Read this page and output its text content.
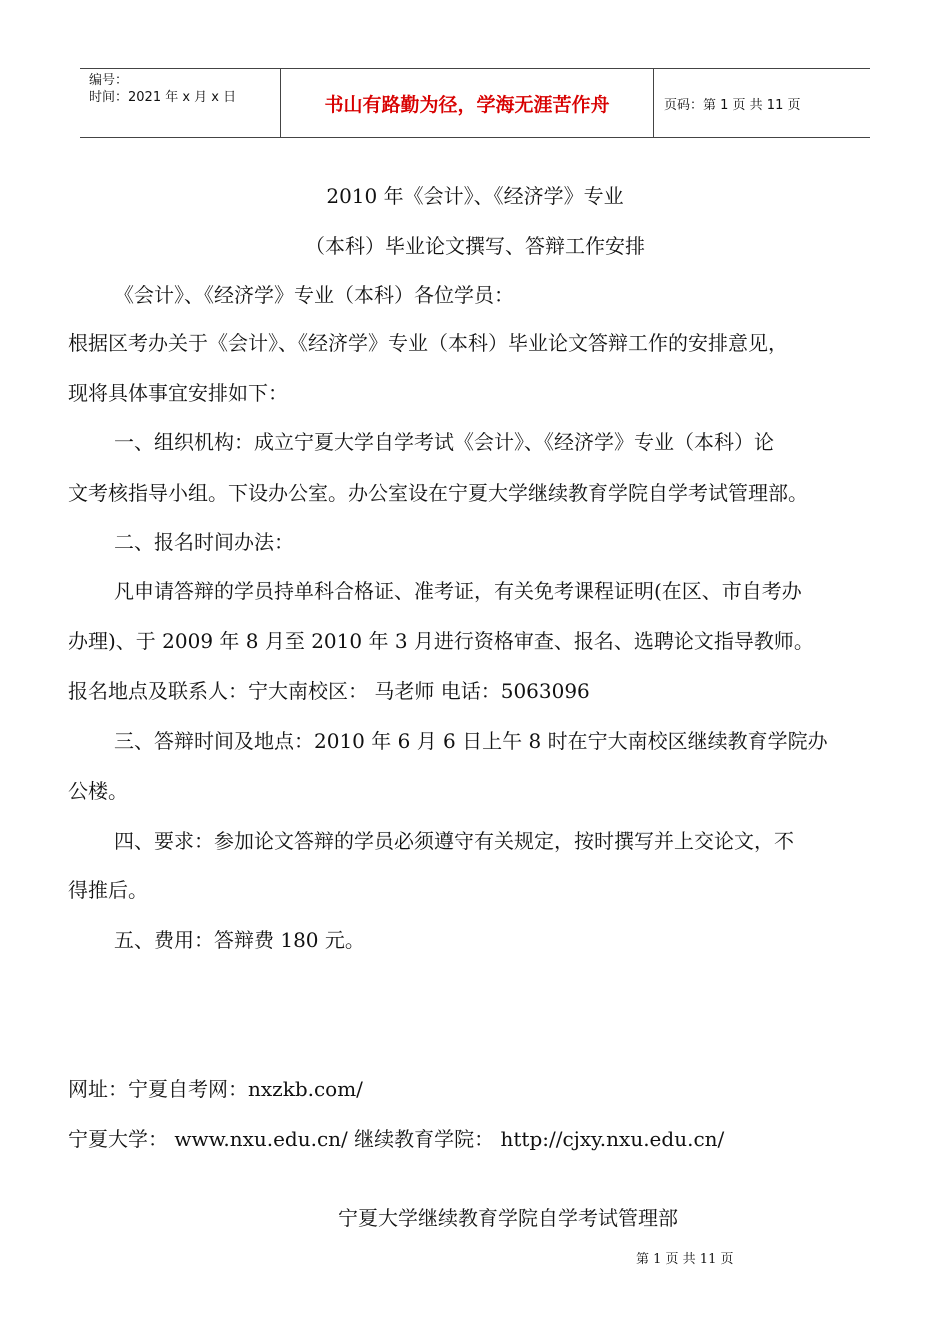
编号：
时间：2021 年 x 月 x 日	书山有路勤为径，学海无涯苦作舟	页码：第 1 页 共 11 页
2010 年《会计》、《经济学》专业
（本科）毕业论文撰写、答辩工作安排
《会计》、《经济学》专业（本科）各位学员：
根据区考办关于《会计》、《经济学》专业（本科）毕业论文答辩工作的安排意见，
现将具体事宜安排如下：
一、组织机构：成立宁夏大学自学考试《会计》、《经济学》专业（本科）论
文考核指导小组。下设办公室。办公室设在宁夏大学继续教育学院自学考试管理部。
二、报名时间办法：
凡申请答辩的学员持单科合格证、准考证，有关免考课程证明(在区、市自考办
办理)、于 2009 年 8 月至 2010 年 3 月进行资格审查、报名、选聘论文指导教师。
报名地点及联系人：宁大南校区： 马老师 电话：5063096
三、答辩时间及地点：2010 年 6 月 6 日上午 8 时在宁大南校区继续教育学院办
公楼。
四、要求：参加论文答辩的学员必须遵守有关规定，按时撰写并上交论文，不
得推后。
五、费用：答辩费 180 元。
网址：宁夏自考网：nxzkb.com/
宁夏大学： www.nxu.edu.cn/ 继续教育学院： http://cjxy.nxu.edu.cn/
宁夏大学继续教育学院自学考试管理部
第 1 页 共 11 页
